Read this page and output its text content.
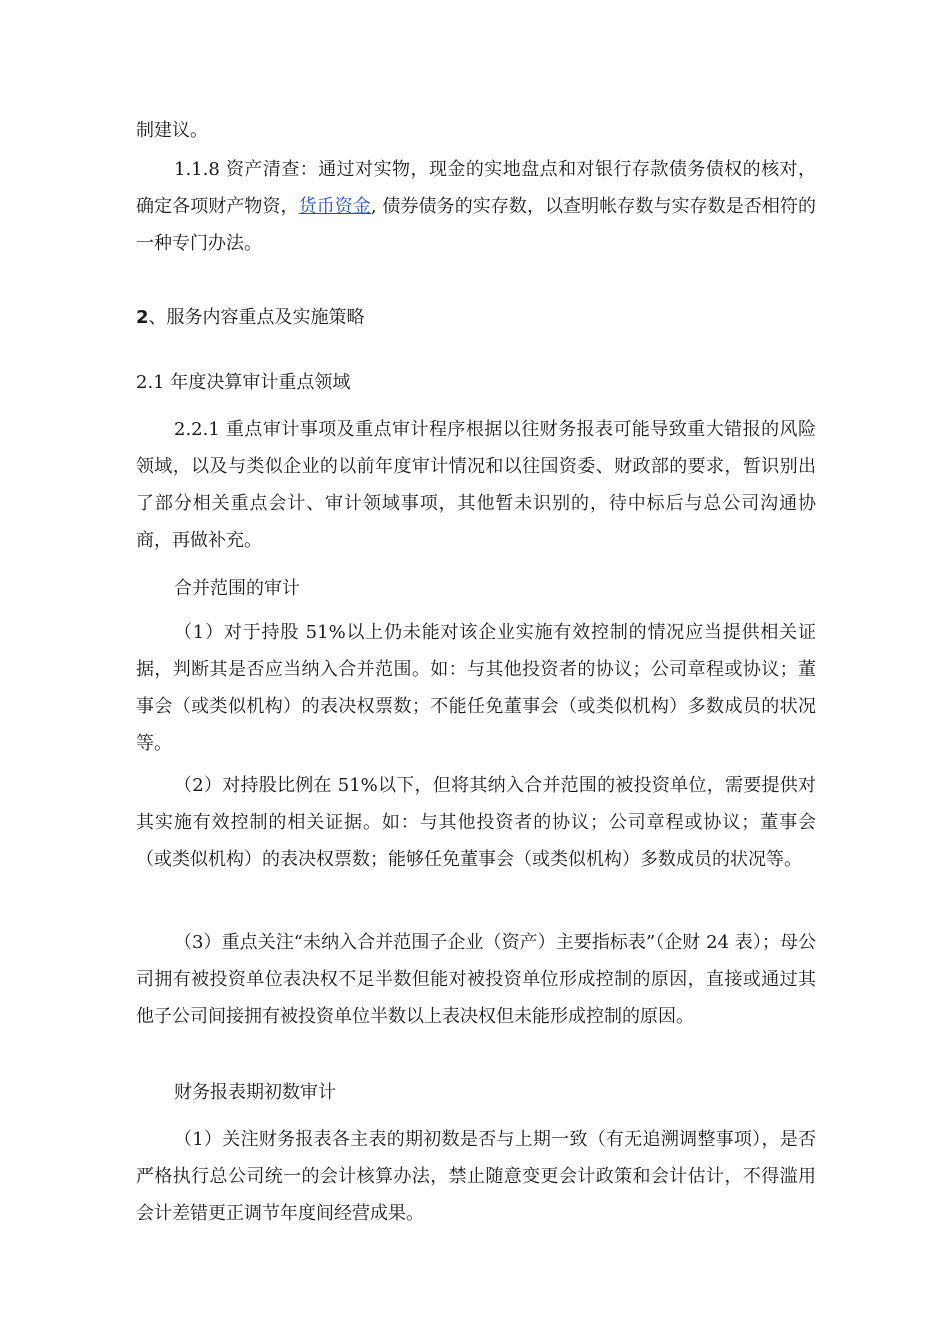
制建议。

1.1.8 资产清查：通过对实物，现金的实地盘点和对银行存款债务债权的核对，确定各项财产物资，货币资金, 债券债务的实存数，以查明帐存数与实存数是否相符的一种专门办法。

2、服务内容重点及实施策略

2.1 年度决算审计重点领域

2.2.1 重点审计事项及重点审计程序根据以往财务报表可能导致重大错报的风险领域，以及与类似企业的以前年度审计情况和以往国资委、财政部的要求，暂识别出了部分相关重点会计、审计领域事项，其他暂未识别的，待中标后与总公司沟通协商，再做补充。

合并范围的审计

（1）对于持股 51%以上仍未能对该企业实施有效控制的情况应当提供相关证据，判断其是否应当纳入合并范围。如：与其他投资者的协议；公司章程或协议；董事会（或类似机构）的表决权票数；不能任免董事会（或类似机构）多数成员的状况等。

（2）对持股比例在 51%以下，但将其纳入合并范围的被投资单位，需要提供对其实施有效控制的相关证据。如：与其他投资者的协议；公司章程或协议；董事会（或类似机构）的表决权票数；能够任免董事会（或类似机构）多数成员的状况等。

（3）重点关注“未纳入合并范围子企业（资产）主要指标表”（企财 24 表）；母公司拥有被投资单位表决权不足半数但能对被投资单位形成控制的原因，直接或通过其他子公司间接拥有被投资单位半数以上表决权但未能形成控制的原因。

财务报表期初数审计

（1）关注财务报表各主表的期初数是否与上期一致（有无追溯调整事项），是否严格执行总公司统一的会计核算办法，禁止随意变更会计政策和会计估计，不得滥用会计差错更正调节年度间经营成果。
